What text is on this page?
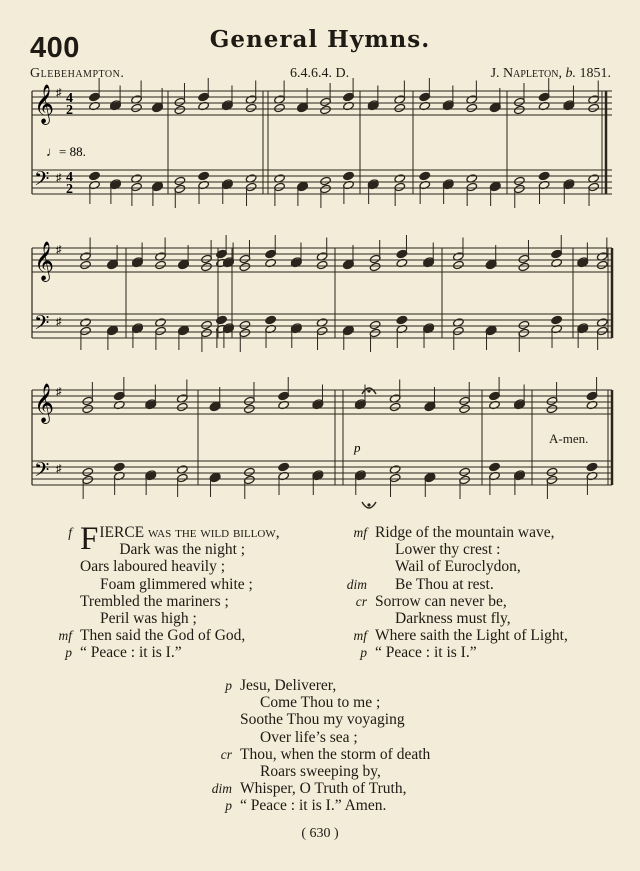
400	General Hymns.
Glebehampton.	6.4.6.4. D.	J. Napleton, b. 1851.
𝄞
𝄢
♯
♯
4
4
2
2
𝄞
𝄢
♯
♯
𝄞
𝄢
♯
♯
♩= 88.
p
A-men.
f F IERCE was the wild billow,
Dark was the night ;
Oars laboured heavily ;
Foam glimmered white ;
Trembled the mariners ;
Peril was high ;
mf Then said the God of God,
p “ Peace : it is I.”
mf Ridge of the mountain wave,
Lower thy crest :
Wail of Euroclydon,
dim Be Thou at rest.
cr Sorrow can never be,
Darkness must fly,
mf Where saith the Light of Light,
p “ Peace : it is I.”
p Jesu, Deliverer,
Come Thou to me ;
Soothe Thou my voyaging
Over life’s sea ;
cr Thou, when the storm of death
Roars sweeping by,
dim Whisper, O Truth of Truth,
p “ Peace : it is I.” Amen.
( 630 )
